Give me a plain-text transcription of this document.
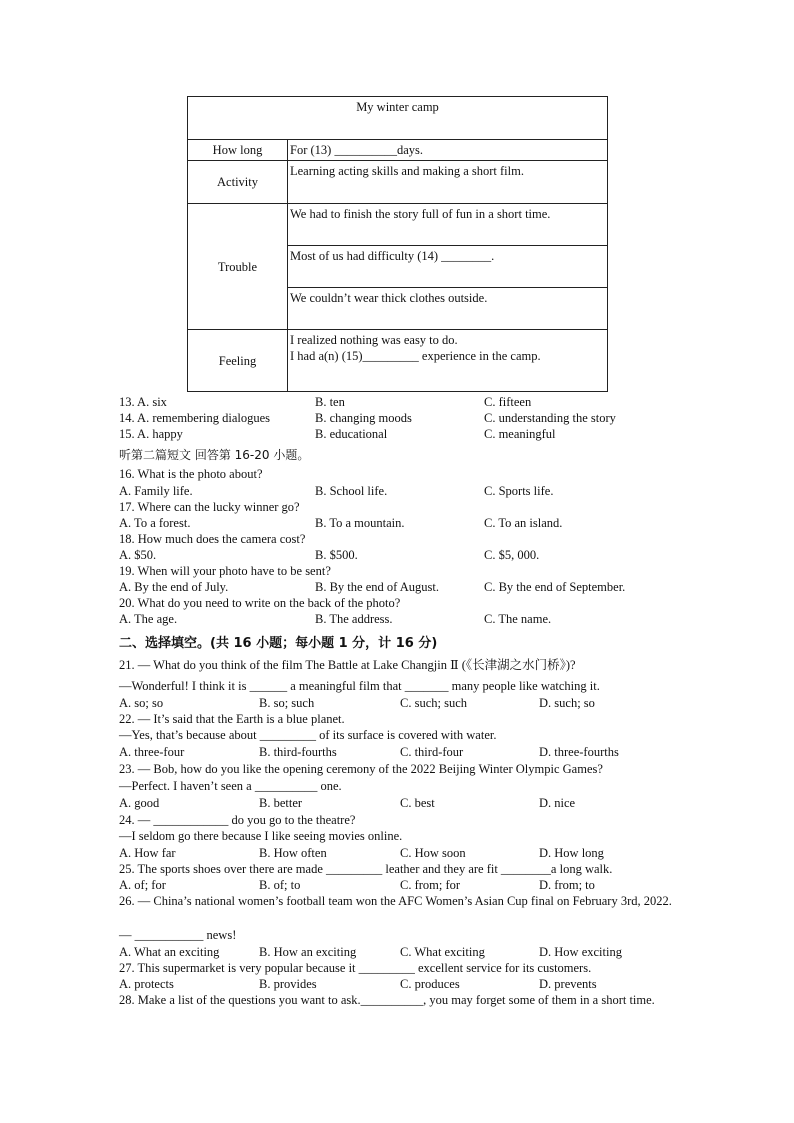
My winter camp	
How long	For (13) __________days.
Activity	Learning acting skills and making a short film.
Trouble	We had to finish the story full of fun in a short time.
	Most of us had difficulty (14) ________.
	We couldn’t wear thick clothes outside.
Feeling	I realized nothing was easy to do.
I had a(n) (15)_________ experience in the camp.
13. A. six	B. ten	C. fifteen
14. A. remembering dialogues	B. changing moods	C. understanding the story
15. A. happy	B. educational	C. meaningful
听第二篇短文 回答第 16-20 小题。
16. What is the photo about?
A. Family life.	B. School life.	C. Sports life.
17. Where can the lucky winner go?
A. To a forest.	B. To a mountain.	C. To an island.
18. How much does the camera cost?
A. $50.	B. $500.	C. $5, 000.
19. When will your photo have to be sent?
A. By the end of July.	B. By the end of August.	C. By the end of September.
20. What do you need to write on the back of the photo?
A. The age.	B. The address.	C. The name.
二、选择填空。(共 16 小题；每小题 1 分，计 16 分)
21. — What do you think of the film The Battle at Lake Changjin Ⅱ (《长津湖之水门桥》)?
—Wonderful! I think it is ______ a meaningful film that _______ many people like watching it.
A. so; so	B. so; such	C. such; such	D. such; so
22. — It’s said that the Earth is a blue planet.
—Yes, that’s because about _________ of its surface is covered with water.
A. three-four	B. third-fourths	C. third-four	D. three-fourths
23. — Bob, how do you like the opening ceremony of the 2022 Beijing Winter Olympic Games?
—Perfect. I haven’t seen a __________ one.
A. good	B. better	C. best	D. nice
24. — ____________ do you go to the theatre?
—I seldom go there because I like seeing movies online.
A. How far	B. How often	C. How soon	D. How long
25. The sports shoes over there are made _________ leather and they are fit ________a long walk.
A. of; for	B. of; to	C. from; for	D. from; to
26. — China’s national women’s football team won the AFC Women’s Asian Cup final on February 3rd, 2022.
— ___________ news!
A. What an exciting	B. How an exciting	C. What exciting	D. How exciting
27. This supermarket is very popular because it _________ excellent service for its customers.
A. protects	B. provides	C. produces	D. prevents
28. Make a list of the questions you want to ask.__________, you may forget some of them in a short time.
